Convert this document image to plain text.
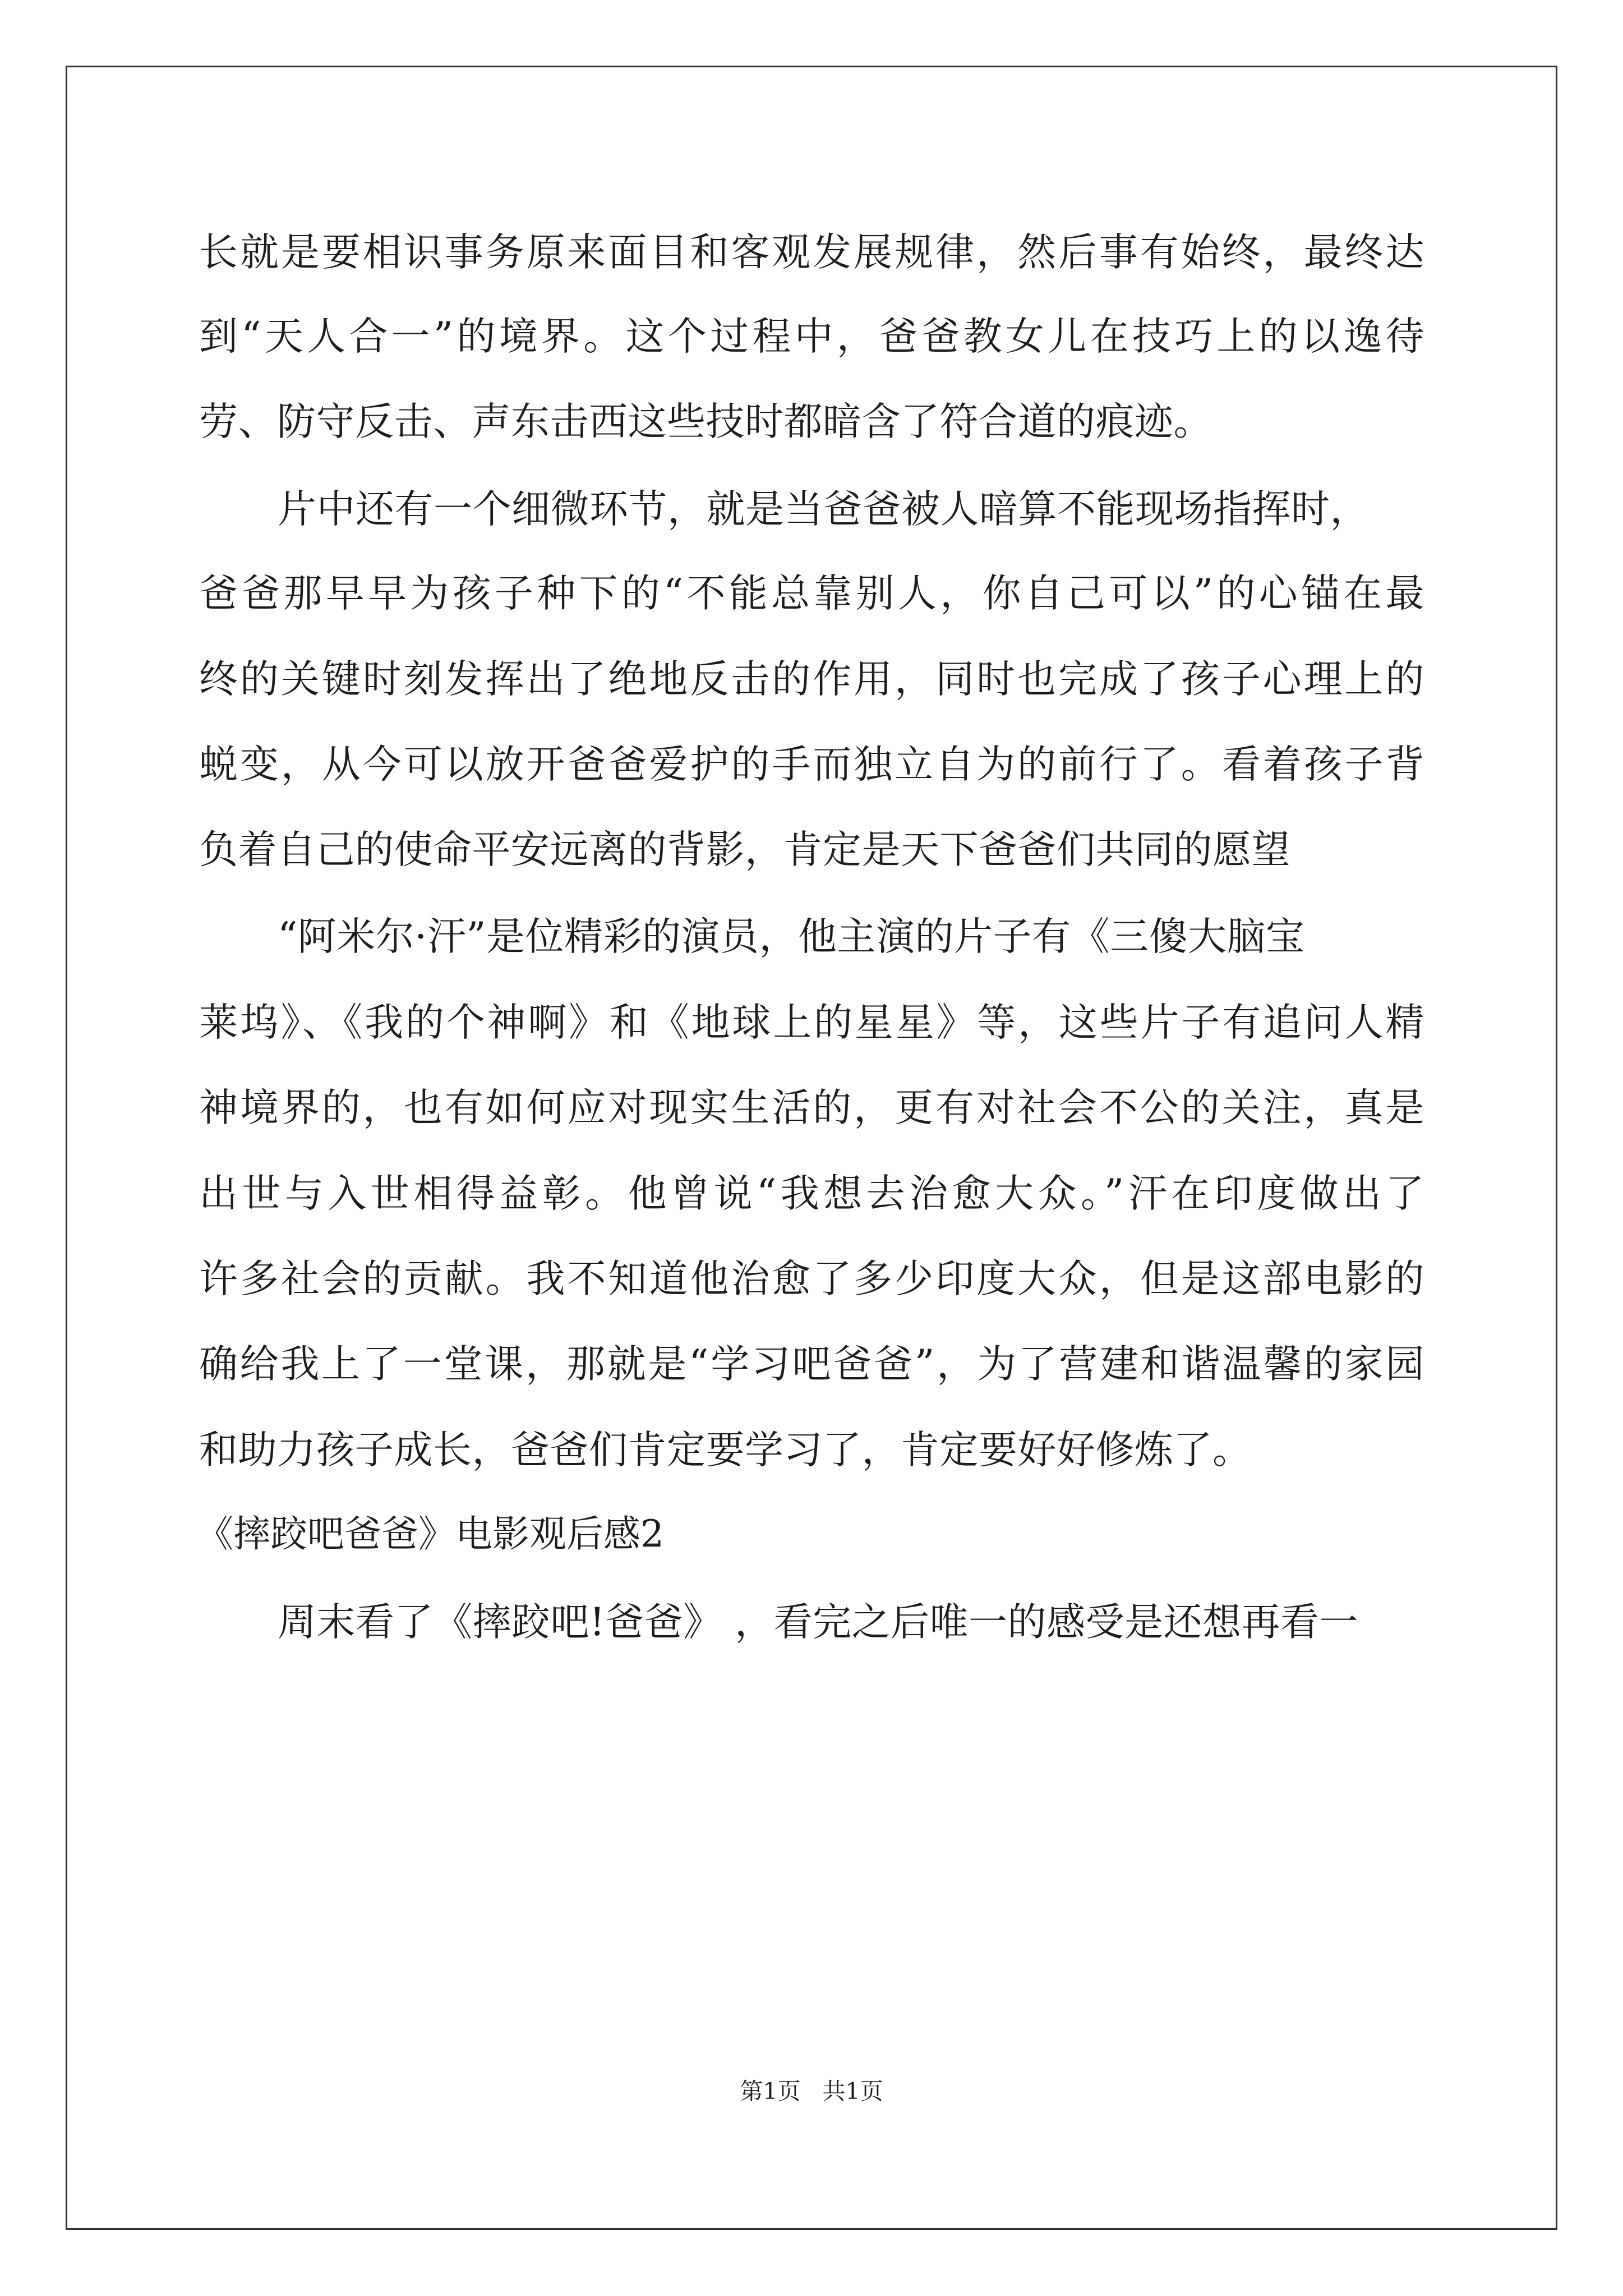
长就是要相识事务原来面目和客观发展规律，然后事有始终，最终达
到“天人合一”的境界。这个过程中，爸爸教女儿在技巧上的以逸待
劳、防守反击、声东击西这些技时都暗含了符合道的痕迹。
片中还有一个细微环节，就是当爸爸被人暗算不能现场指挥时，
爸爸那早早为孩子种下的“不能总靠别人，你自己可以”的心锚在最
终的关键时刻发挥出了绝地反击的作用，同时也完成了孩子心理上的
蜕变，从今可以放开爸爸爱护的手而独立自为的前行了。看着孩子背
负着自己的使命平安远离的背影，肯定是天下爸爸们共同的愿望
“阿米尔·汗”是位精彩的演员，他主演的片子有《三傻大脑宝
莱坞》、《我的个神啊》和《地球上的星星》等，这些片子有追问人精
神境界的，也有如何应对现实生活的，更有对社会不公的关注，真是
出世与入世相得益彰。他曾说“我想去治愈大众。”汗在印度做出了
许多社会的贡献。我不知道他治愈了多少印度大众，但是这部电影的
确给我上了一堂课，那就是“学习吧爸爸”，为了营建和谐温馨的家园
和助力孩子成长，爸爸们肯定要学习了，肯定要好好修炼了。
《摔跤吧爸爸》电影观后感2
周末看了《摔跤吧!爸爸》 ，看完之后唯一的感受是还想再看一
第1页   共1页
